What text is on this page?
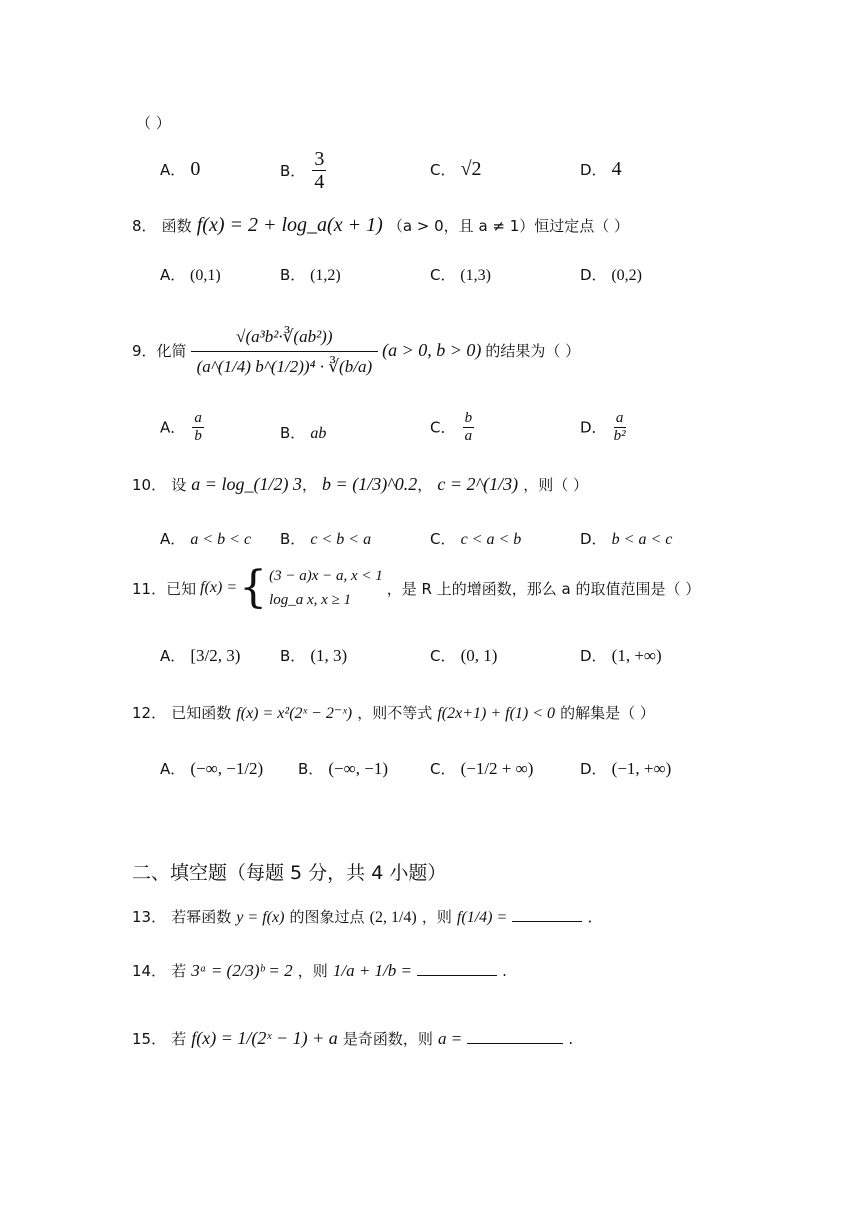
（ ）
A． 0	B． $\frac{3}{4}$	C． √2	D． 4
8． 函数 f(x) = 2 + log_a(x + 1) （a > 0，且 a ≠ 1）恒过定点（ ）
A． (0,1)	B． (1,2)	C． (1,3)	D． (0,2)
9． 化简 $\frac{\text{√(a³b²·∛(ab²))}}{\text{(a\textasciicircum{}(1/4) b\textasciicircum{}(1/2))⁴ · ∛(b/a)}} (a > 0$, b > 0) 的结果为（ ）
A． $\frac{a}{b}$	B． ab	C． $\frac{b}{a}$	D． $\frac{a}{\text{b²}}$
10． 设 a = log_(1/2) 3， b = (1/3)^0.2， c = 2^(1/3) ，则（ ）
A． a < b < c B． c < b < a	C． c < a < b	D． b < a < c
11． 已知 f(x) = { (3 − a)x − a, x < 1
log_a x, x ≥ 1
，是 R 上的增函数，那么 a 的取值范围是（ ）
A． [3/2, 3)	B． (1, 3)	C． (0, 1)	D． (1, +∞)
12． 已知函数 f(x) = x²(2ˣ − 2⁻ˣ) ，则不等式 f(2x+1) + f(1) < 0 的解集是（ ）
A． (−∞, −1/2) B． (−∞, −1)	C． (−1/2 + ∞)	D． (−1, +∞)
二、填空题（每题 5 分，共 4 小题）
13． 若幂函数 y = f(x) 的图象过点 (2, 1/4) ，则 f(1/4) =	．
14． 若 3ᵃ = (2/3)ᵇ = 2 ，则 1/a + 1/b =	.
15． 若 f(x) = 1/(2ˣ − 1) + a 是奇函数，则 a =	.
